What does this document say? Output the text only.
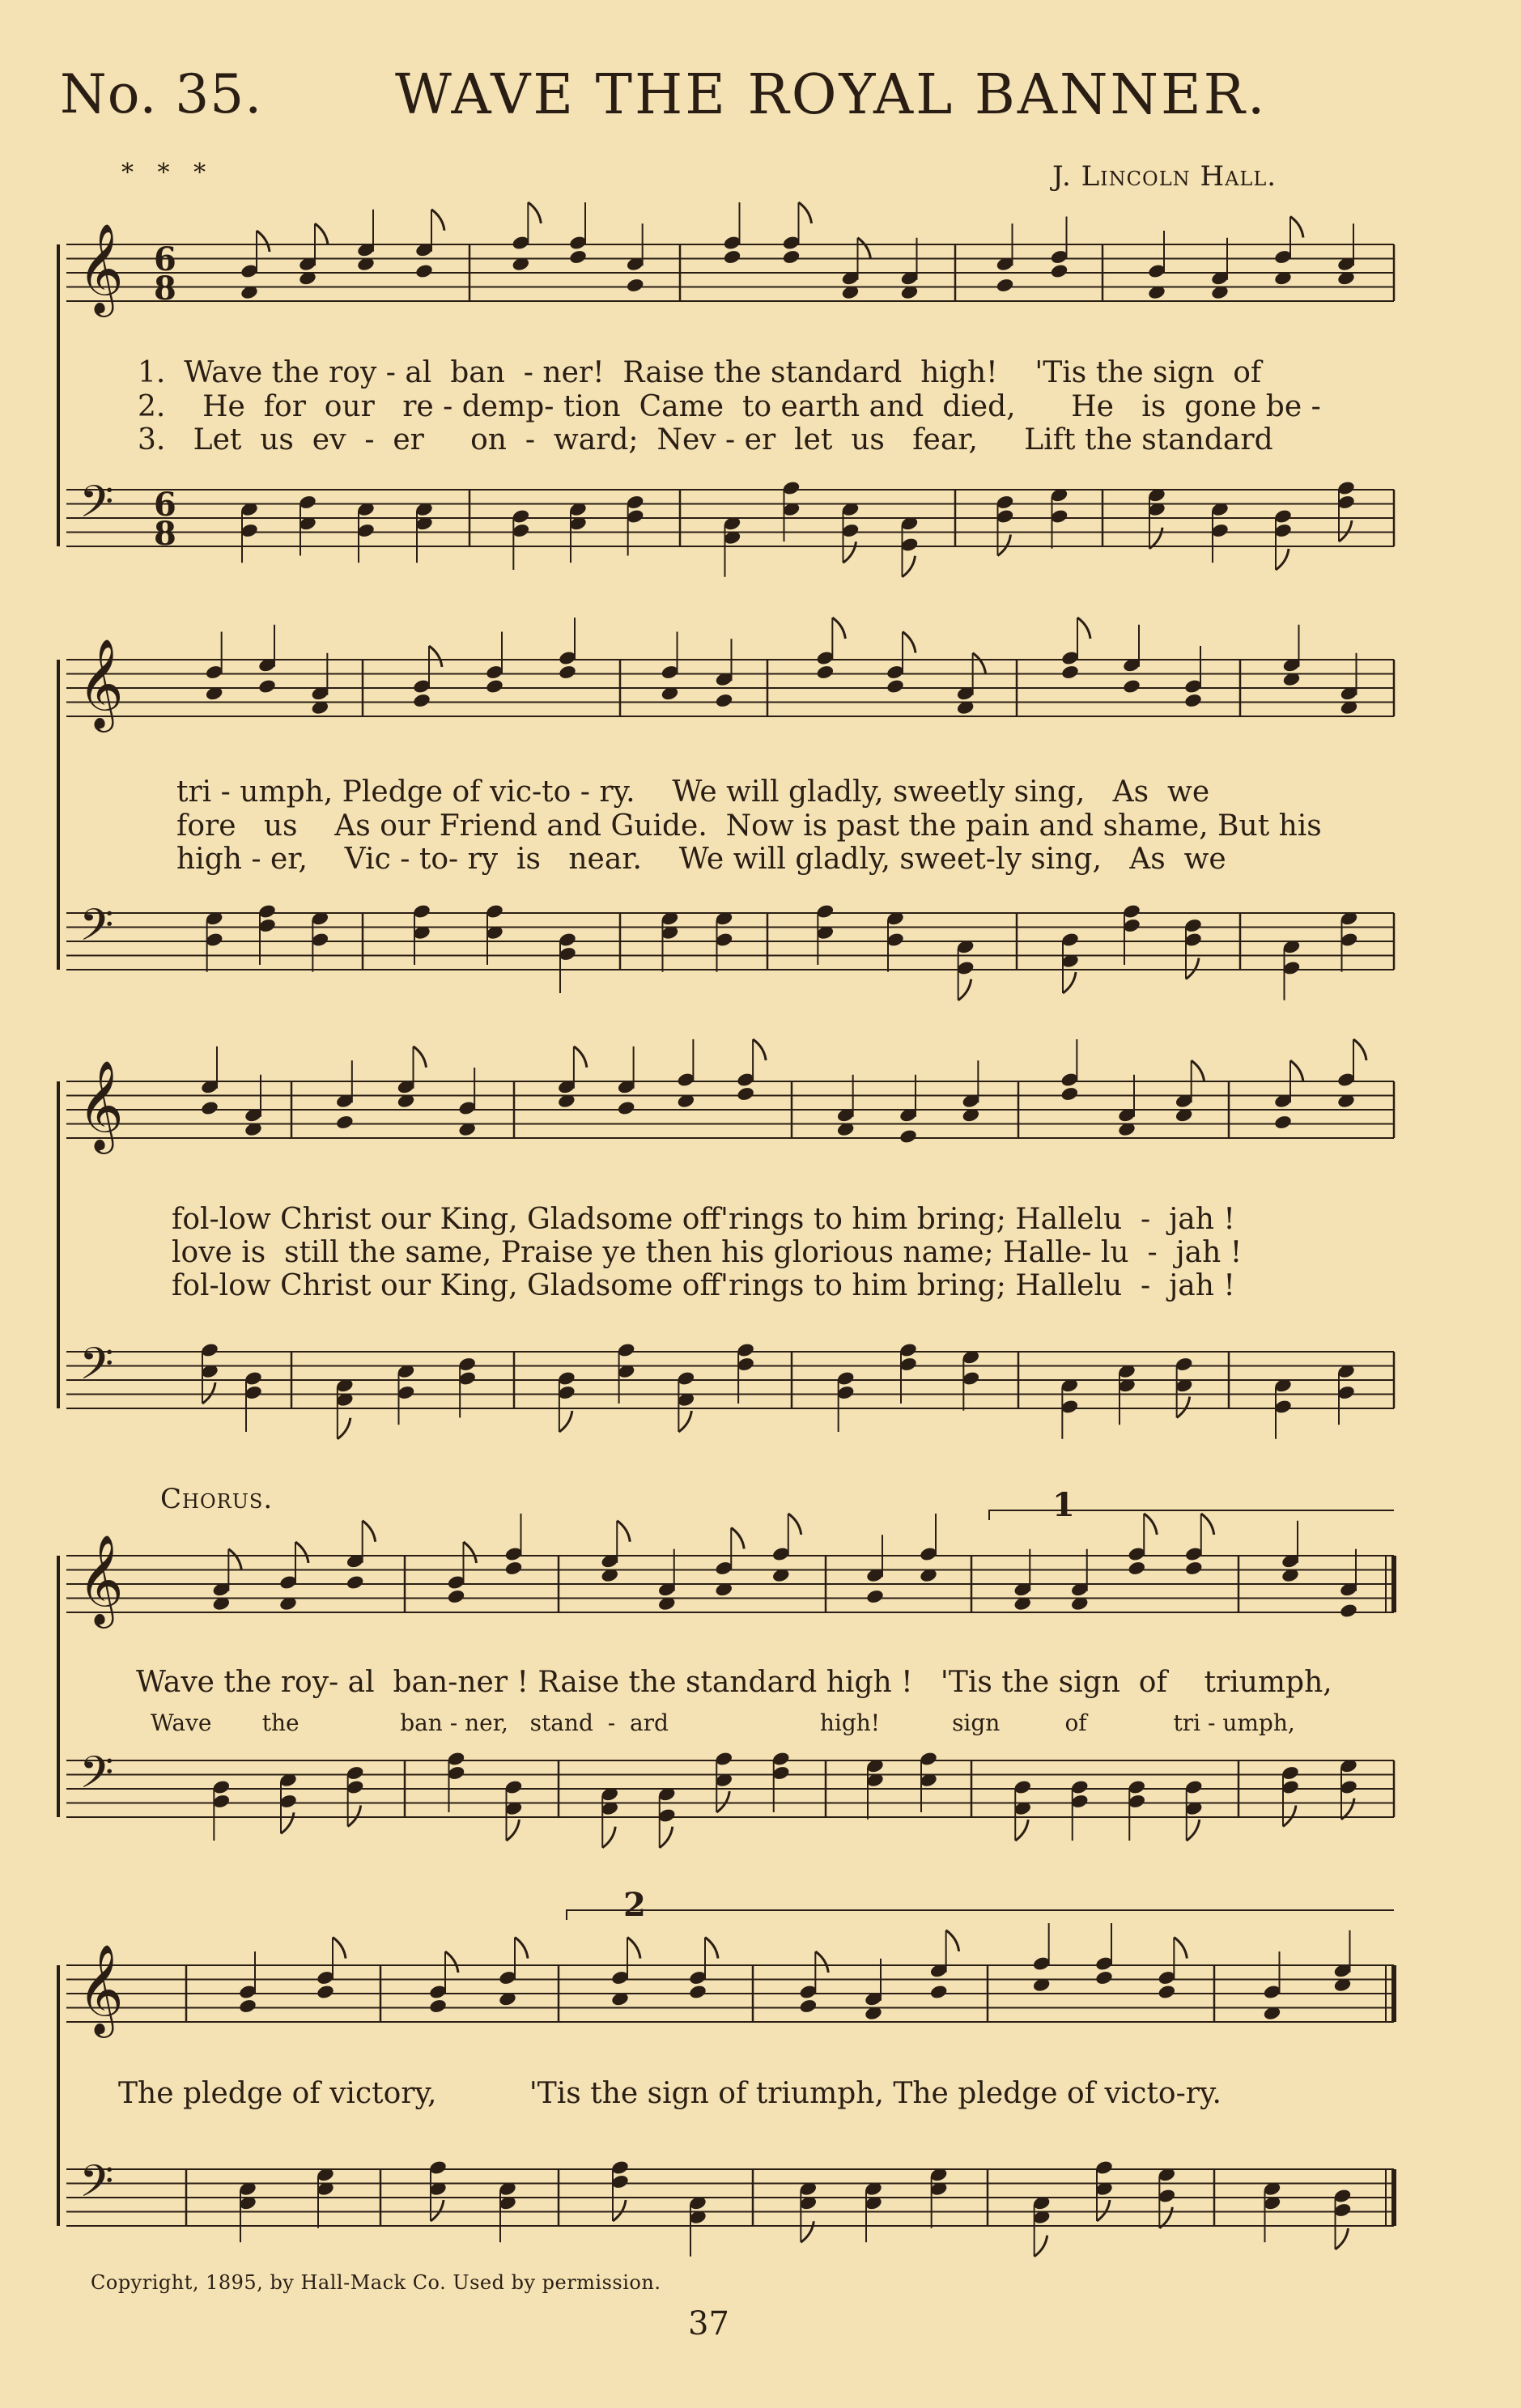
No. 35. WAVE THE ROYAL BANNER.
* * *	J. Lincoln Hall.
𝄞 6
8
𝄢 6
8
𝄞
𝄢
𝄞
𝄢
𝄞
𝄢
𝄞
𝄢
1.  Wave the roy - al  ban  - ner!  Raise the standard  high!    'Tis the sign  of
2.    He  for  our   re - demp- tion  Came  to earth and  died,      He   is  gone be -
3.   Let  us  ev  -  er     on  -  ward;  Nev - er  let  us   fear,     Lift the standard
tri - umph, Pledge of vic-to - ry.    We will gladly, sweetly sing,   As  we
fore   us    As our Friend and Guide.  Now is past the pain and shame, But his
high - er,    Vic - to- ry  is   near.    We will gladly, sweet-ly sing,   As  we
fol-low Christ our King, Gladsome off'rings to him bring; Hallelu  -  jah !
love is  still the same, Praise ye then his glorious name; Halle- lu  -  jah !
fol-low Christ our King, Gladsome off'rings to him bring; Hallelu  -  jah !
Chorus.	1
2
Wave the roy- al  ban-ner ! Raise the standard high !   'Tis the sign  of    triumph,
Wave       the              ban - ner,   stand  -  ard                     high!          sign         of            tri - umph,
The pledge of victory,          'Tis the sign of triumph, The pledge of victo-ry.
Copyright, 1895, by Hall-Mack Co. Used by permission.
37
